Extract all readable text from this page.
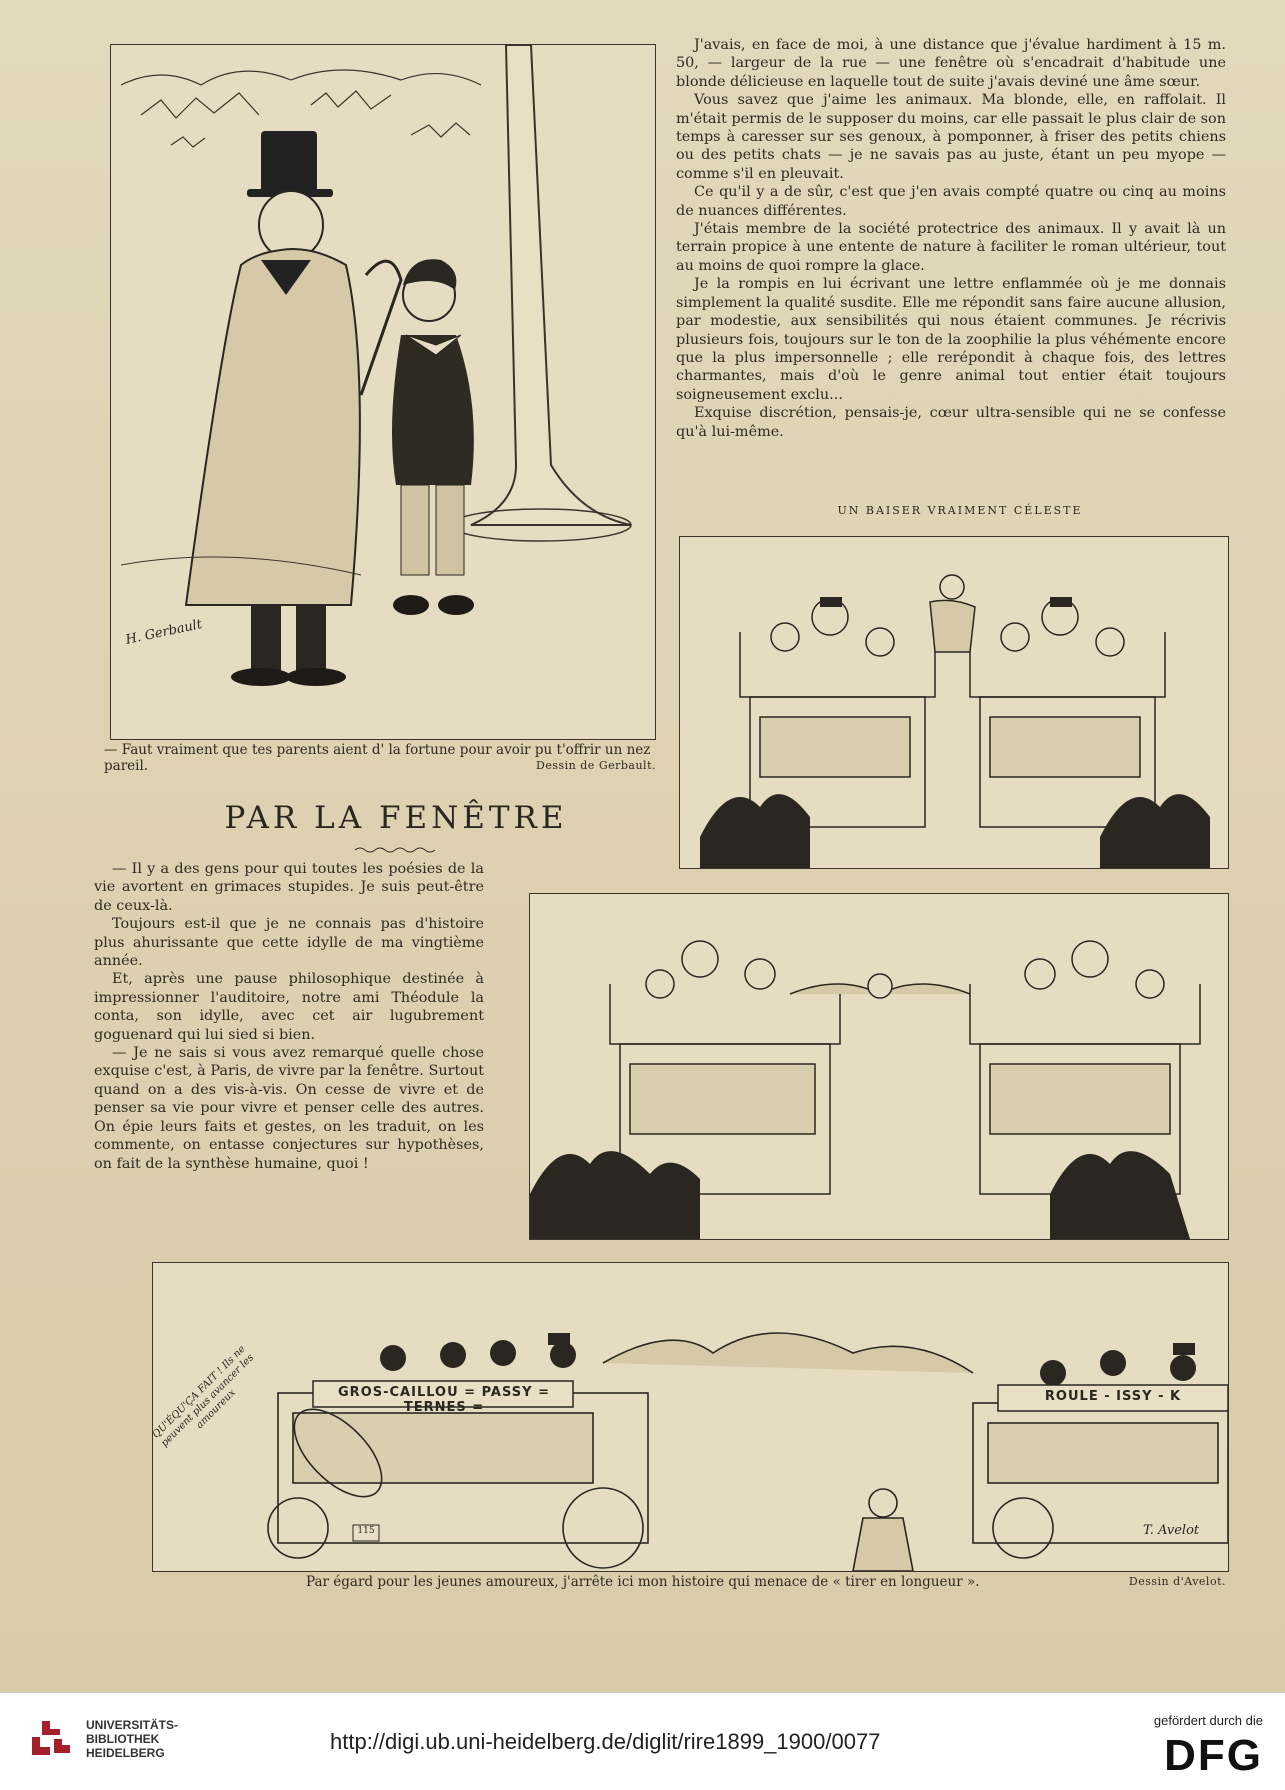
H. Gerbault
— Faut vraiment que tes parents aient d' la fortune pour avoir pu t'offrir un nez pareil.	Dessin de Gerbault.
PAR LA FENÊTRE

— Il y a des gens pour qui toutes les poésies de la vie avortent en grimaces stupides. Je suis peut-être de ceux-là.

Toujours est-il que je ne connais pas d'histoire plus ahurissante que cette idylle de ma vingtième année.

Et, après une pause philosophique destinée à impressionner l'auditoire, notre ami Théodule la conta, son idylle, avec cet air lugubrement goguenard qui lui sied si bien.

— Je ne sais si vous avez remarqué quelle chose exquise c'est, à Paris, de vivre par la fenêtre. Surtout quand on a des vis-à-vis. On cesse de vivre et de penser sa vie pour vivre et penser celle des autres. On épie leurs faits et gestes, on les traduit, on les commente, on entasse conjectures sur hypothèses, on fait de la synthèse humaine, quoi !

J'avais, en face de moi, à une distance que j'évalue hardiment à 15 m. 50, — largeur de la rue — une fenêtre où s'encadrait d'habitude une blonde délicieuse en laquelle tout de suite j'avais deviné une âme sœur.

Vous savez que j'aime les animaux. Ma blonde, elle, en raffolait. Il m'était permis de le supposer du moins, car elle passait le plus clair de son temps à caresser sur ses genoux, à pomponner, à friser des petits chiens ou des petits chats — je ne savais pas au juste, étant un peu myope — comme s'il en pleuvait.

Ce qu'il y a de sûr, c'est que j'en avais compté quatre ou cinq au moins de nuances différentes.

J'étais membre de la société protectrice des animaux. Il y avait là un terrain propice à une entente de nature à faciliter le roman ultérieur, tout au moins de quoi rompre la glace.

Je la rompis en lui écrivant une lettre enflammée où je me donnais simplement la qualité susdite. Elle me répondit sans faire aucune allusion, par modestie, aux sensibilités qui nous étaient communes. Je récrivis plusieurs fois, toujours sur le ton de la zoophilie la plus véhémente encore que la plus impersonnelle ; elle rerépondit à chaque fois, des lettres charmantes, mais d'où le genre animal tout entier était toujours soigneusement exclu...

Exquise discrétion, pensais-je, cœur ultra-sensible qui ne se confesse qu'à lui-même.

UN BAISER VRAIMENT CÉLESTE
GROS-CAILLOU = PASSY = TERNES =
ROULE - ISSY - K
115
QU'ÉQU'ÇA FAIT ! Ils ne peuvent plus avancer les amoureux
T. Avelot
Par égard pour les jeunes amoureux, j'arrête ici mon histoire qui menace de « tirer en longueur ».	Dessin d'Avelot.
UNIVERSITÄTS-
BIBLIOTHEK
HEIDELBERG	http://digi.ub.uni-heidelberg.de/diglit/rire1899_1900/0077
gefördert durch die
DFG
